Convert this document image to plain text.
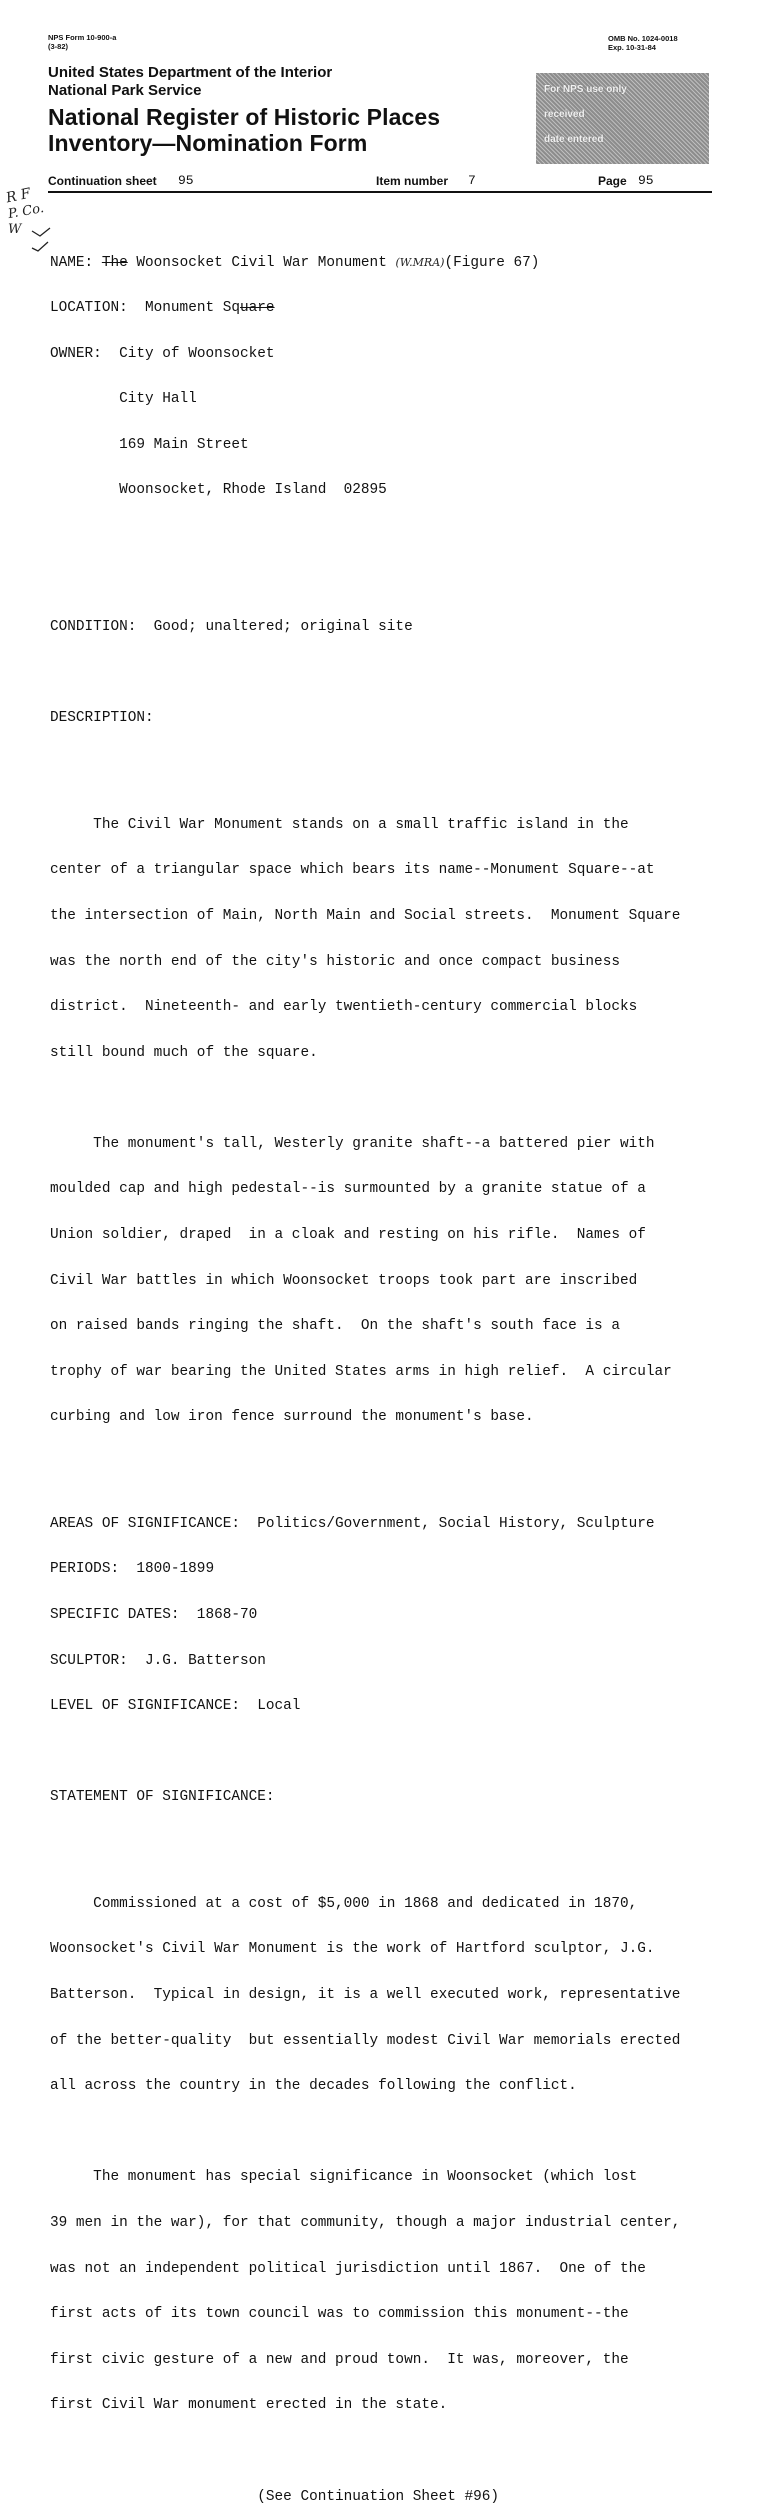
NPS Form 10-900-a
(3-82)
OMB No. 1024-0018
Exp. 10-31-84
United States Department of the Interior
National Park Service
National Register of Historic Places
Inventory—Nomination Form
For NPS use only
received
date entered
Continuation sheet 95	Item number 7	Page 95
R F
P. Co.
W

NAME: The Woonsocket Civil War Monument (W.MRA)(Figure 67)

LOCATION: Monument Square

OWNER: City of Woonsocket

City Hall

169 Main Street

Woonsocket, Rhode Island  02895

CONDITION:  Good; unaltered; original site

DESCRIPTION:

The Civil War Monument stands on a small traffic island in the

center of a triangular space which bears its name--Monument Square--at

the intersection of Main, North Main and Social streets.  Monument Square

was the north end of the city's historic and once compact business

district.  Nineteenth- and early twentieth-century commercial blocks

still bound much of the square.

The monument's tall, Westerly granite shaft--a battered pier with

moulded cap and high pedestal--is surmounted by a granite statue of a

Union soldier, draped  in a cloak and resting on his rifle.  Names of

Civil War battles in which Woonsocket troops took part are inscribed

on raised bands ringing the shaft.  On the shaft's south face is a

trophy of war bearing the United States arms in high relief.  A circular

curbing and low iron fence surround the monument's base.

AREAS OF SIGNIFICANCE:  Politics/Government, Social History, Sculpture

PERIODS:  1800-1899

SPECIFIC DATES:  1868-70

SCULPTOR:  J.G. Batterson

LEVEL OF SIGNIFICANCE:  Local

STATEMENT OF SIGNIFICANCE:

Commissioned at a cost of $5,000 in 1868 and dedicated in 1870,

Woonsocket's Civil War Monument is the work of Hartford sculptor, J.G.

Batterson.  Typical in design, it is a well executed work, representative

of the better-quality  but essentially modest Civil War memorials erected

all across the country in the decades following the conflict.

The monument has special significance in Woonsocket (which lost

39 men in the war), for that community, though a major industrial center,

was not an independent political jurisdiction until 1867.  One of the

first acts of its town council was to commission this monument--the

first civic gesture of a new and proud town.  It was, moreover, the

first Civil War monument erected in the state.

(See Continuation Sheet #96)
